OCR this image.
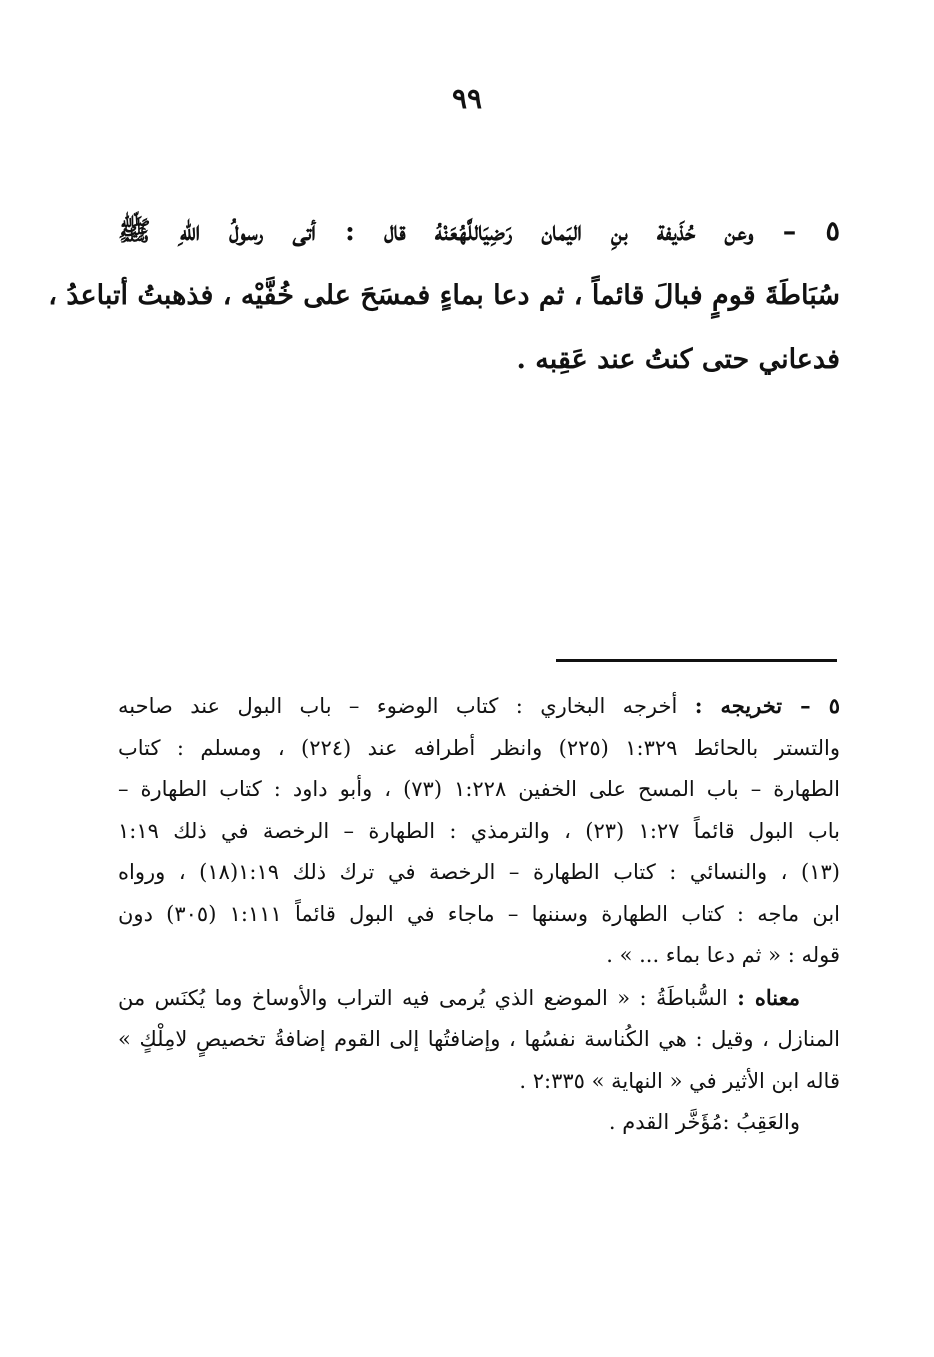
٩٩
٥ – وعن حُذَيفة بنِ اليَمان رَضِيَاللَّهُعَنْهُ قال : أتى رسولُ اللهِ ﷺ
سُبَاطَةَ قومٍ فبالَ قائماً ، ثم دعا بماءٍ فمسَحَ على خُفَّيْه ، فذهبتُ أتباعدُ ،
فدعاني حتى كنتُ عند عَقِبه .
٥ – تخريجه : أخرجه البخاري : كتاب الوضوء – باب البول عند صاحبه
والتستر بالحائط ١:٣٢٩ (٢٢٥) وانظر أطرافه عند (٢٢٤) ، ومسلم : كتاب
الطهارة – باب المسح على الخفين ١:٢٢٨ (٧٣) ، وأبو داود : كتاب الطهارة –
باب البول قائماً ١:٢٧ (٢٣) ، والترمذي : الطهارة – الرخصة في ذلك ١:١٩
(١٣) ، والنسائي : كتاب الطهارة – الرخصة في ترك ذلك ١:١٩(١٨) ، ورواه
ابن ماجه : كتاب الطهارة وسننها – ماجاء في البول قائماً ١:١١١ (٣٠٥) دون
قوله : « ثم دعا بماء ... » .
معناه : السُّباطَةُ : « الموضع الذي يُرمى فيه التراب والأوساخ وما يُكنَس من
المنازل ، وقيل : هي الكُناسة نفسُها ، وإضافتُها إلى القوم إضافةُ تخصيصٍ لامِلْكٍ »
قاله ابن الأثير في « النهاية » ٢:٣٣٥ .
والعَقِبُ :مُؤَخَّر القدم .
